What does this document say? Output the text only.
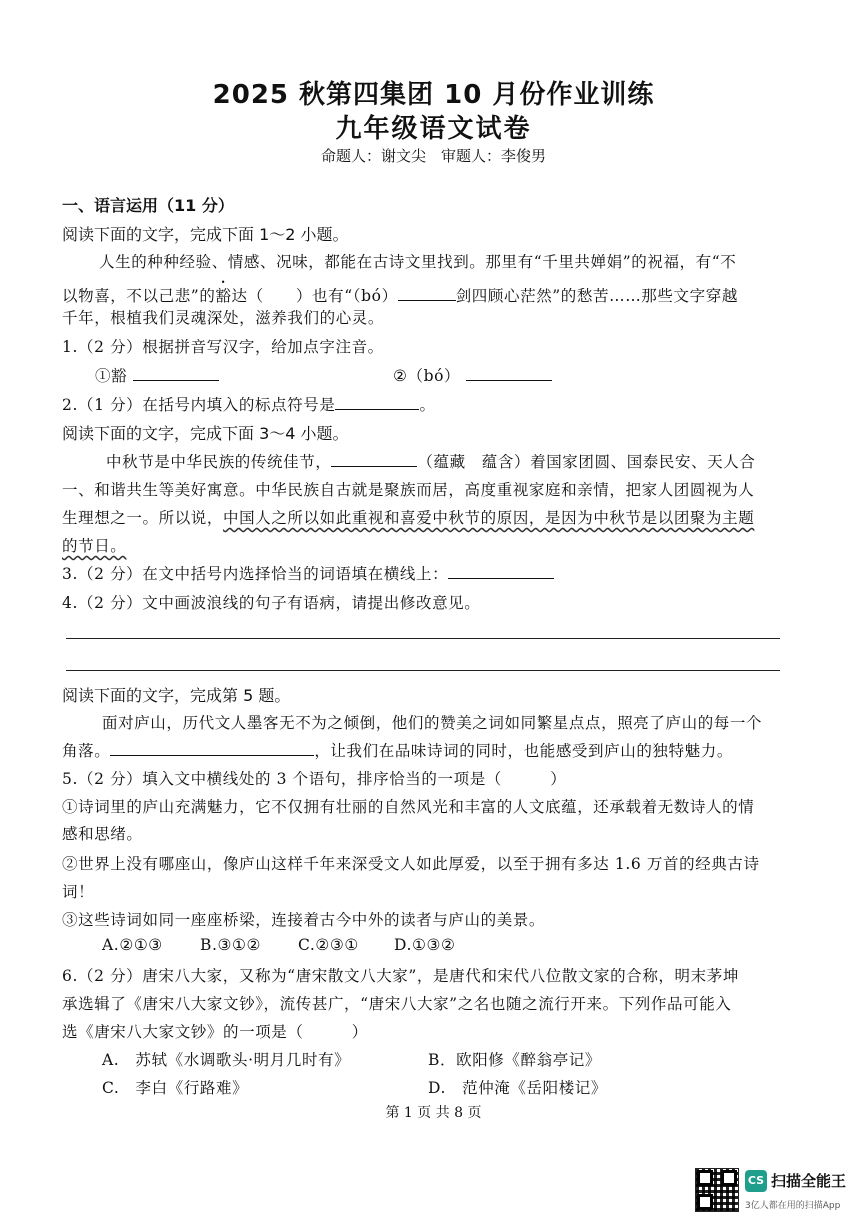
2025 秋第四集团 10 月份作业训练
九年级语文试卷
命题人：谢文尖　审题人：李俊男
一、语言运用（11 分）
阅读下面的文字，完成下面 1～2 小题。
人生的种种经验、情感、况味，都能在古诗文里找到。那里有“千里共婵娟”的祝福，有“不
以物喜，不以己悲”的豁达（　　）也有“（bó）	剑四顾心茫然”的愁苦……那些文字穿越
千年，根植我们灵魂深处，滋养我们的心灵。
1.（2 分）根据拼音写汉字，给加点字注音。
①豁	②（bó）
2.（1 分）在括号内填入的标点符号是	。
阅读下面的文字，完成下面 3～4 小题。
中秋节是中华民族的传统佳节，	（蕴藏　蕴含）着国家团圆、国泰民安、天人合
一、和谐共生等美好寓意。中华民族自古就是聚族而居，高度重视家庭和亲情，把家人团圆视为人
生理想之一。所以说，中国人之所以如此重视和喜爱中秋节的原因，是因为中秋节是以团聚为主题
的节日。
3.（2 分）在文中括号内选择恰当的词语填在横线上：
4.（2 分）文中画波浪线的句子有语病，请提出修改意见。
阅读下面的文字，完成第 5 题。
面对庐山，历代文人墨客无不为之倾倒，他们的赞美之词如同繁星点点，照亮了庐山的每一个
角落。	，让我们在品味诗词的同时，也能感受到庐山的独特魅力。
5.（2 分）填入文中横线处的 3 个语句，排序恰当的一项是（　　　）
①诗词里的庐山充满魅力，它不仅拥有壮丽的自然风光和丰富的人文底蕴，还承载着无数诗人的情
感和思绪。
②世界上没有哪座山，像庐山这样千年来深受文人如此厚爱，以至于拥有多达 1.6 万首的经典古诗
词！
③这些诗词如同一座座桥梁，连接着古今中外的读者与庐山的美景。
A.②①③ B.③①② C.②③① D.①③②
6.（2 分）唐宋八大家，又称为“唐宋散文八大家”，是唐代和宋代八位散文家的合称，明末茅坤
承选辑了《唐宋八大家文钞》，流传甚广，“唐宋八大家”之名也随之流行开来。下列作品可能入
选《唐宋八大家文钞》的一项是（　　　）
A.　苏轼《水调歌头·明月几时有》	B．欧阳修《醉翁亭记》
C.　李白《行路难》	D.　范仲淹《岳阳楼记》
第 1 页 共 8 页
CS 扫描全能王
3亿人都在用的扫描App
